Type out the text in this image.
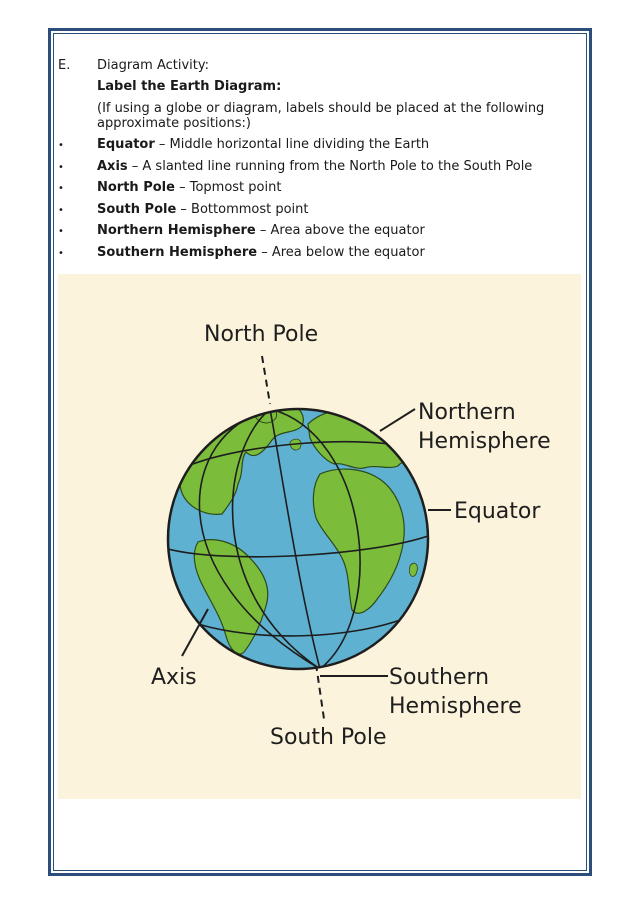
E. Diagram Activity:
Label the Earth Diagram:
(If using a globe or diagram, labels should be placed at the following
approximate positions:)
•	Equator – Middle horizontal line dividing the Earth
•	Axis – A slanted line running from the North Pole to the South Pole
•	North Pole – Topmost point
•	South Pole – Bottommost point
•	Northern Hemisphere – Area above the equator
•	Southern Hemisphere – Area below the equator
North Pole
Northern
Hemisphere
Equator
Axis	Southern
Hemisphere
South Pole
